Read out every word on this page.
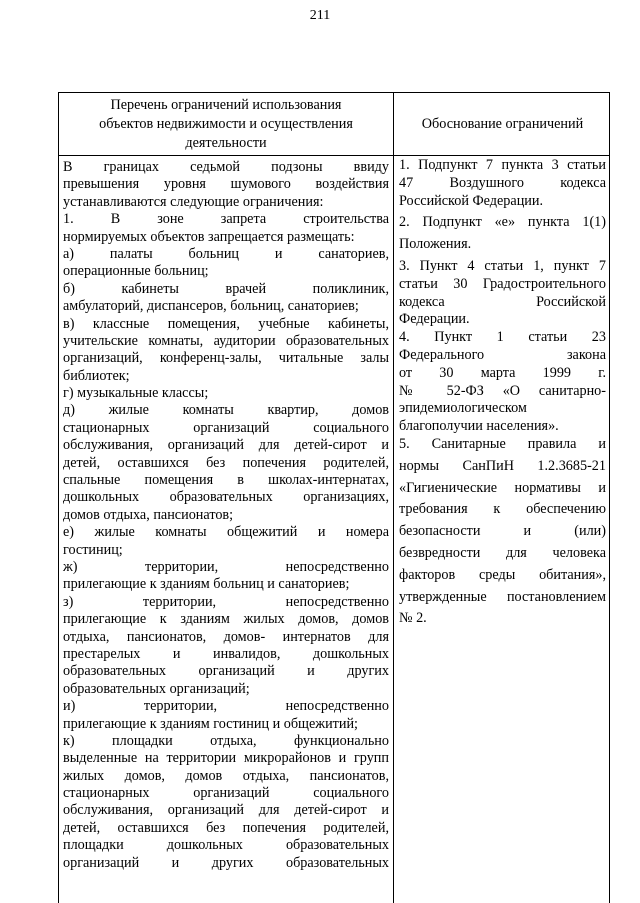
211
Перечень ограничений использования
объектов недвижимости и осуществления
деятельности
Обоснование ограничений
В границах седьмой подзоны ввиду
превышения уровня шумового воздействия
устанавливаются следующие ограничения:
1. В зоне запрета строительства
нормируемых объектов запрещается размещать:
а) палаты больниц и санаториев,
операционные больниц;
б) кабинеты врачей поликлиник,
амбулаторий, диспансеров, больниц, санаториев;
в) классные помещения, учебные кабинеты,
учительские комнаты, аудитории образовательных
организаций, конференц-залы, читальные залы
библиотек;
г) музыкальные классы;
д) жилые комнаты квартир, домов
стационарных организаций социального
обслуживания, организаций для детей-сирот и
детей, оставшихся без попечения родителей,
спальные помещения в школах-интернатах,
дошкольных образовательных организациях,
домов отдыха, пансионатов;
е) жилые комнаты общежитий и номера
гостиниц;
ж) территории, непосредственно
прилегающие к зданиям больниц и санаториев;
з) территории, непосредственно
прилегающие к зданиям жилых домов, домов
отдыха, пансионатов, домов- интернатов для
престарелых и инвалидов, дошкольных
образовательных организаций и других
образовательных организаций;
и) территории, непосредственно
прилегающие к зданиям гостиниц и общежитий;
к) площадки отдыха, функционально
выделенные на территории микрорайонов и групп
жилых домов, домов отдыха, пансионатов,
стационарных организаций социального
обслуживания, организаций для детей-сирот и
детей, оставшихся без попечения родителей,
площадки дошкольных образовательных
организаций и других образовательных
1. Подпункт 7 пункта 3 статьи
47 Воздушного кодекса
Российской Федерации.
2. Подпункт «е» пункта 1(1)
Положения.
3. Пункт 4 статьи 1, пункт 7
статьи 30 Градостроительного
кодекса Российской
Федерации.
4. Пункт 1 статьи 23
Федерального закона
от 30 марта 1999 г.
№ 52-ФЗ «О санитарно-
эпидемиологическом
благополучии населения».
5. Санитарные правила и
нормы СанПиН 1.2.3685-21
«Гигиенические нормативы и
требования к обеспечению
безопасности и (или)
безвредности для человека
факторов среды обитания»,
утвержденные постановлением
№ 2.
